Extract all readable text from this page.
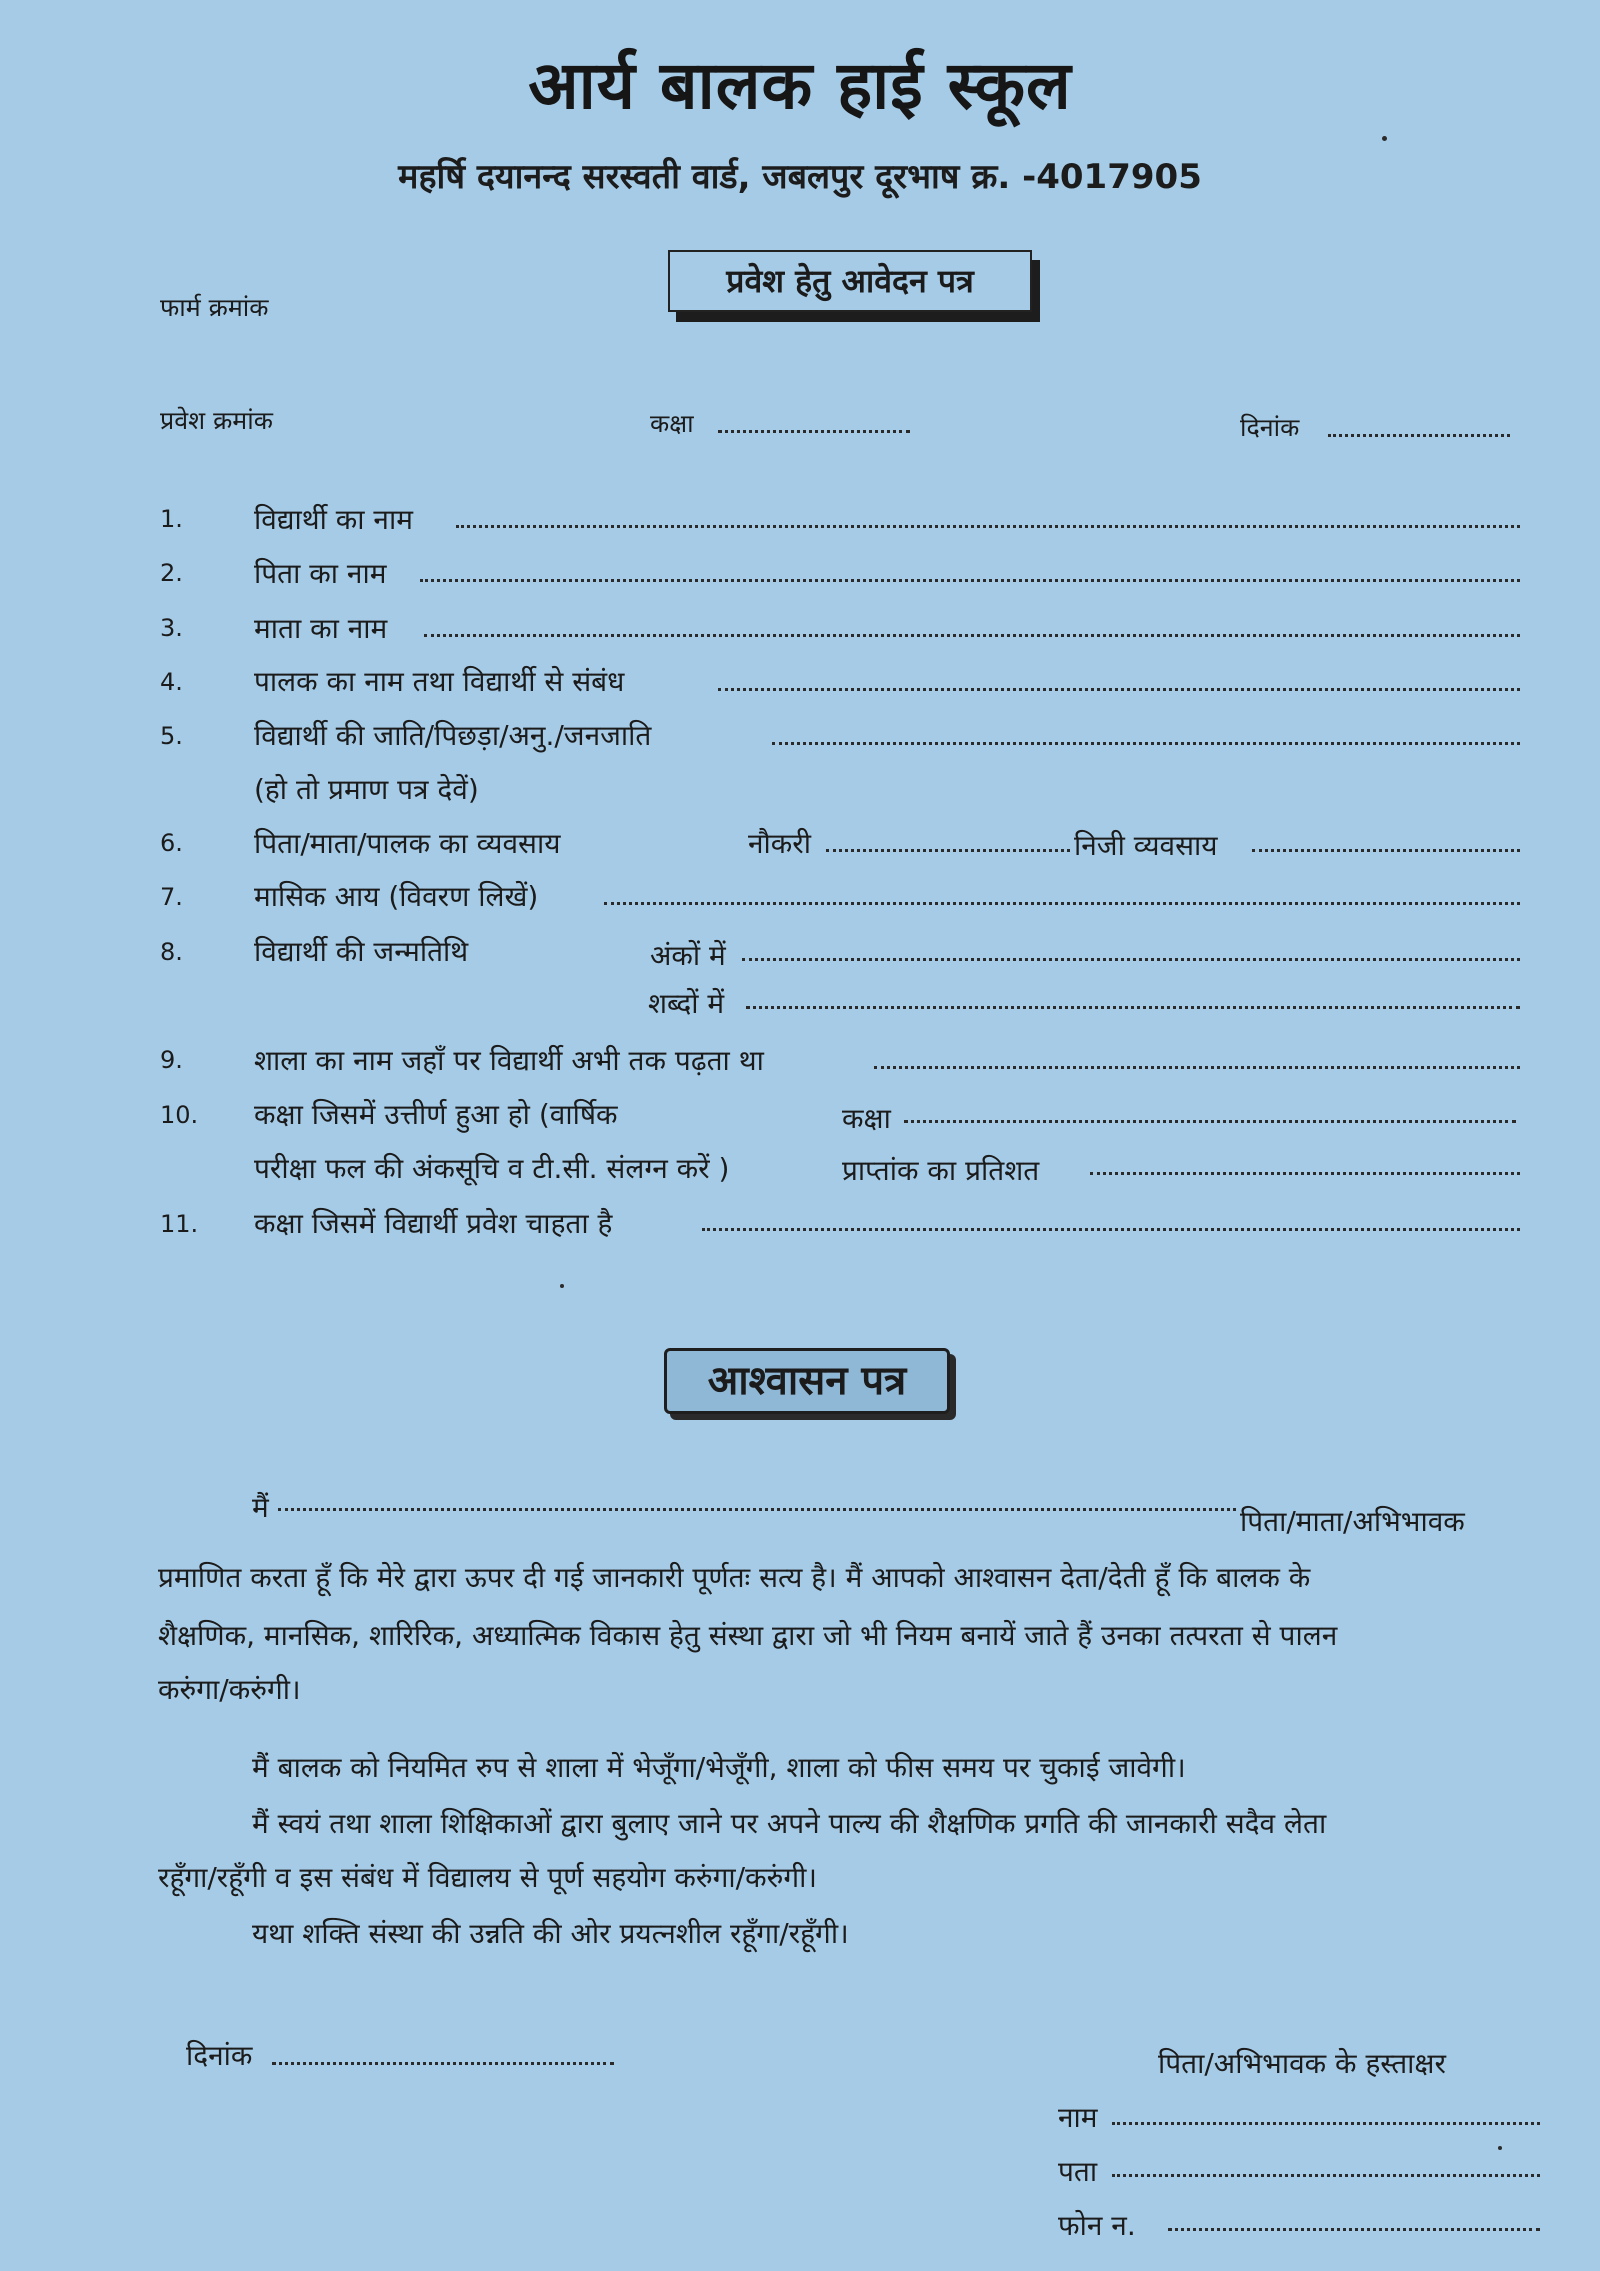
आर्य बालक हाई स्कूल
महर्षि दयानन्द सरस्वती वार्ड, जबलपुर दूरभाष क्र. -4017905
प्रवेश हेतु आवेदन पत्र
फार्म क्रमांक
प्रवेश क्रमांक	कक्षा	दिनांक
1.	विद्यार्थी का नाम
2.	पिता का नाम
3.	माता का नाम
4.	पालक का नाम तथा विद्यार्थी से संबंध
5.	विद्यार्थी की जाति/पिछड़ा/अनु./जनजाति
(हो तो प्रमाण पत्र देवें)
6.	पिता/माता/पालक का व्यवसाय	नौकरी	निजी व्यवसाय
7.	मासिक आय (विवरण लिखें)
8.	विद्यार्थी की जन्मतिथि	अंकों में
शब्दों में
9.	शाला का नाम जहाँ पर विद्यार्थी अभी तक पढ़ता था
10.	कक्षा जिसमें उत्तीर्ण हुआ हो (वार्षिक
परीक्षा फल की अंकसूचि व टी.सी. संलग्न करें )
कक्षा
प्राप्तांक का प्रतिशत
11.	कक्षा जिसमें विद्यार्थी प्रवेश चाहता है
आश्वासन पत्र
मैं	पिता/माता/अभिभावक
प्रमाणित करता हूँ कि मेरे द्वारा ऊपर दी गई जानकारी पूर्णतः सत्य है। मैं आपको आश्वासन देता/देती हूँ कि बालक के
शैक्षणिक, मानसिक, शारिरिक, अध्यात्मिक विकास हेतु संस्था द्वारा जो भी नियम बनायें जाते हैं उनका तत्परता से पालन
करुंगा/करुंगी।
मैं बालक को नियमित रुप से शाला में भेजूँगा/भेजूँगी, शाला को फीस समय पर चुकाई जावेगी।
मैं स्वयं तथा शाला शिक्षिकाओं द्वारा बुलाए जाने पर अपने पाल्य की शैक्षणिक प्रगति की जानकारी सदैव लेता
रहूँगा/रहूँगी व इस संबंध में विद्यालय से पूर्ण सहयोग करुंगा/करुंगी।
यथा शक्ति संस्था की उन्नति की ओर प्रयत्नशील रहूँगा/रहूँगी।
दिनांक	पिता/अभिभावक के हस्ताक्षर
नाम
पता
फोन न.
